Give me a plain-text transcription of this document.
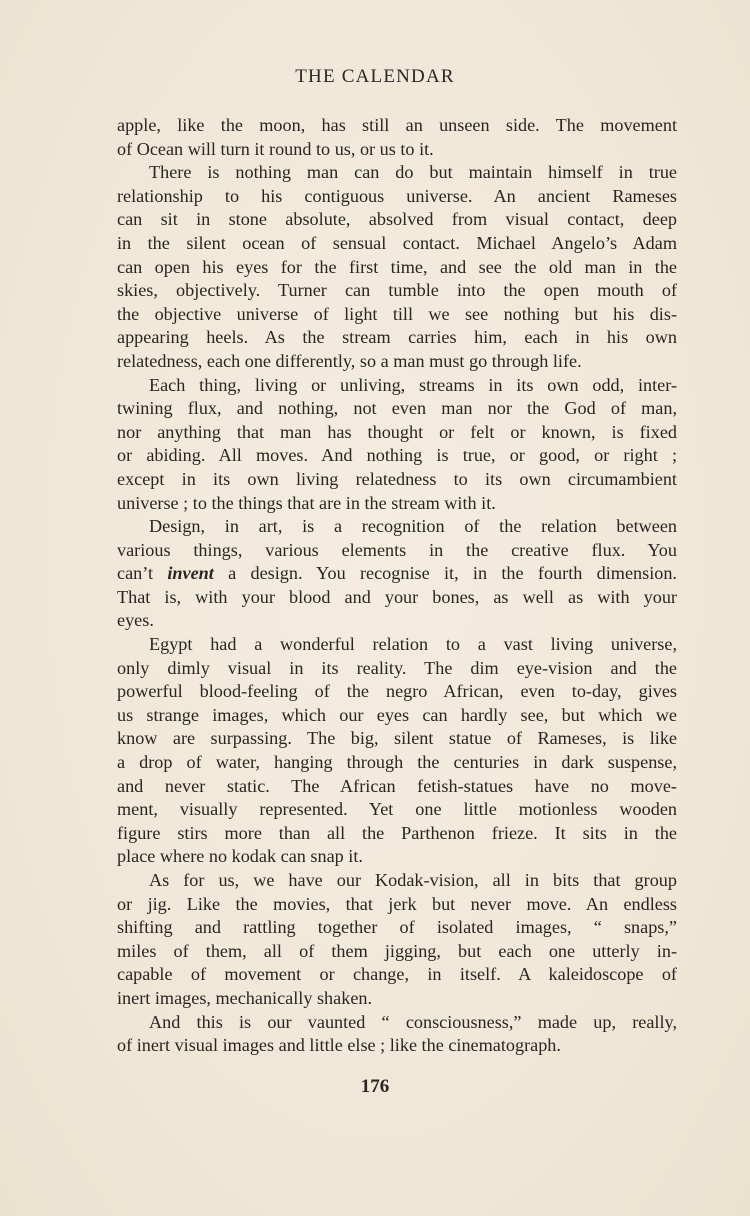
THE CALENDAR
apple, like the moon, has still an unseen side. The movement
of Ocean will turn it round to us, or us to it.
There is nothing man can do but maintain himself in true
relationship to his contiguous universe. An ancient Rameses
can sit in stone absolute, absolved from visual contact, deep
in the silent ocean of sensual contact. Michael Angelo’s Adam
can open his eyes for the first time, and see the old man in the
skies, objectively. Turner can tumble into the open mouth of
the objective universe of light till we see nothing but his dis-
appearing heels. As the stream carries him, each in his own
relatedness, each one differently, so a man must go through life.
Each thing, living or unliving, streams in its own odd, inter-
twining flux, and nothing, not even man nor the God of man,
nor anything that man has thought or felt or known, is fixed
or abiding. All moves. And nothing is true, or good, or right ;
except in its own living relatedness to its own circumambient
universe ; to the things that are in the stream with it.
Design, in art, is a recognition of the relation between
various things, various elements in the creative flux. You
can’t invent a design. You recognise it, in the fourth dimension.
That is, with your blood and your bones, as well as with your
eyes.
Egypt had a wonderful relation to a vast living universe,
only dimly visual in its reality. The dim eye-vision and the
powerful blood-feeling of the negro African, even to-day, gives
us strange images, which our eyes can hardly see, but which we
know are surpassing. The big, silent statue of Rameses, is like
a drop of water, hanging through the centuries in dark suspense,
and never static. The African fetish-statues have no move-
ment, visually represented. Yet one little motionless wooden
figure stirs more than all the Parthenon frieze. It sits in the
place where no kodak can snap it.
As for us, we have our Kodak-vision, all in bits that group
or jig. Like the movies, that jerk but never move. An endless
shifting and rattling together of isolated images, “ snaps,”
miles of them, all of them jigging, but each one utterly in-
capable of movement or change, in itself. A kaleidoscope of
inert images, mechanically shaken.
And this is our vaunted “ consciousness,” made up, really,
of inert visual images and little else ; like the cinematograph.
176
